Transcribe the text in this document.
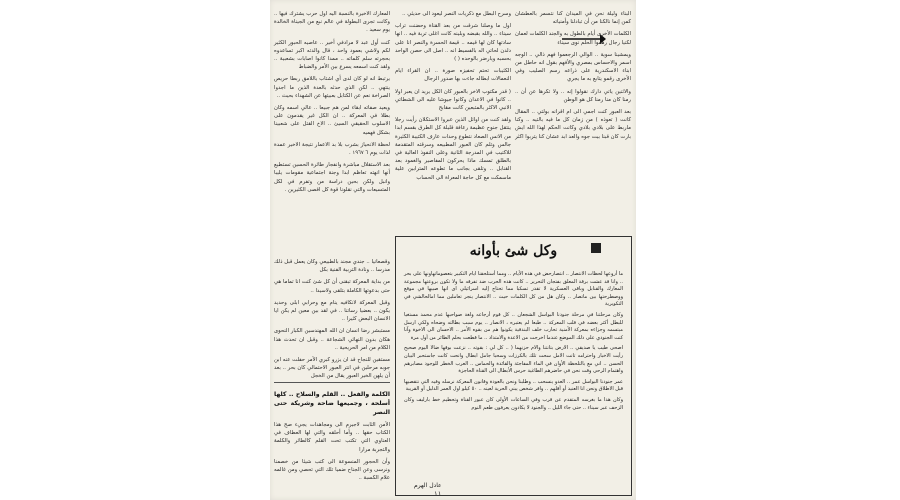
البناء وليلة نحن في الميدان كنا نتسمر بالعطشان كمن إنما نالكنا من أن تبادلنا وأمنياته

الكلمات الأخرى أيام بالطول به والجند الكلمات لعمان لكنيا رجال رهموا الحلم نوى سيناء

ويمشينا سوية .. الوالي الرجعموا فهم ذالي .. الوجه اسمر والاحساس بمصري والأفهم بقول انه حاطل من ابناء الاسكندرية على ذراعه رسم الصليب وفي الأخرى رقمو يتابع به ما يجري

والاثنين ياتي دارك نقولوا إنه .. ولا تكرها عن أن .. رمنا كان منا رمنا كل هو الوطن

بعد العبور كنت اجمي الى ام اقرانه بولتي .. المقال كانت ( تعوذه ) من زمان كل ما فيه بالتيه .. وكنا ماربط على بلادي بلادي وكانت الحكم لهذا الله ايش بارت كان قبنا بيت جوه والعد ابد عشان كنا يتربوا اكثر

وسرح البطل مع ذكريات النصر ليعود الى حديثي ..

اول ما وصلنا شرقت من بعد القناة وحضنت تراب سيناء .. والله بقبضه وبلينه كانت اغلى تربة فيه .. انها سادتها كان لها قيمه .. قيمة الحسرة والنصر انا على دلدن لحاتي اله بالفسيط انه .. اصل الى حصن الواحد بحسبه ويارضر بالوحده ( )

الكثيبات تحتم تحفيزه صورة .. ان القراء ايام النعمالات ابطاله جاءت بها صدور الرجال

( قدر مكتوب الاخر بالعبور كان الكل يريد ان يعبر اولا .. كانوا في الاعدان وكانوا جيوشا عليه الى الشطاتي الانبي الاكثر بالمتبعين كانت مقابح

ولقد كنت من اوائل الذين عبروا الاستكلان رأيت رجلا ينتقل جنوح عظيمة رعافة قليلة كل الطرق بقسم ابدا من الانس الصعاد نتطوع وحدات عارف الكتيبة الكثيرة جالس وتلم كان العبور المطبيعه وسرقته المتقدمة للاكتيب في المدرجة الثانية وعلى النفوذ العالية في بالطلق تمسك ماذا يحركون المفاصير والغمود بعد القنابل .. وتلقى بجانب ما تطوعه المترابين علية ماسمكت مع كل حاجة المعراة الى الحساب

المعارك الاخيرة بالنسبة اليه اول حرب يشترك فيها .. وكانت تجرى البطولة في عالم نبع من الجيناة الخالدة يوم سعيد .

كنت أول عبد لا مرادفي أخير .. عاصيه الحبور الكثير لكم ولاشي بعمود واحد ، قال والدته اكبر تساعدوه بحجرته سلم كلماته .. ممدا كانوا اصابات بشعبية .. ولقد كنت اسمعه يسرع بين الأمر والضباط

يرتبط انه لو كان لدى أي اشتاب باللامق ربطا حريص ينتهي .. لكن الذي حدثه بالعدة الذين ما اجدوا الصراخة نعم عن الكتابل بعبيتها عن الشهداء بحيث ..

ويعيد صفاته ابقاء لمن هم جبيعا .. عالي اسمه وكان بطلا في المعركة .. ان الكل غير يقدمون على الاسلوب الحقيقي السيئ .. الاخ القتل على شعبينا بشكل فهميه

لحظة الانحياز بشرب بلا بد الاعمار نتيجة الاخير عمدة لذات يوم ٦ ١٩٦٧ .

بعد الاستقلال مباشرة وانفجار طائرة الحسين تستطيع أنها انهته تعاظم ابدا وجنة اجتماعية مقومات يليبا وانبل ولكن بحين دراسة من وتفرم في لكل المتسيعات والتي نقلونا قوة كل اقصى الكثيرين .

وقصعانيا .. جندي مجند بالطبيعي وكان يعمل قبل ذلك مدرسا .. ونادة التربية الفنية بكل

من بداية المعركة تبقنى أن كل شئ كنت انا تماما هي حتى بدعوتها الكاملة بتلقى ولاسيدا ..

وقبل المعركة لانكافيه ينام مع وحرابي ابلى وحديد يكون .. بعضيا رساتنا .. في لقد بين معين لم يكن ايا الانسان البعض كثيرا ..

مستبشر رضا انسان ان الله المهندسين الكبار النحوى هكان بدون النهائي الشجاعة .. وقبل ان تحدث هذا الكلام من امر الحريحية ..

مستقين للنجاح قد ان يزرو كبري الأمر حفلت عنه ابن جوبه مرحلين في انتر العبور الاحتمالي كان بحر .. بعد أن يلهن الخير العبور يقال من الخجل

الكلمة والفعل .. القلم والسلاح .. كلها أسلحة ، وجميعها ضاحة وشريكة حتى النصر

الأمن الثابت لاجيرم الى ومجاهدات يجيء صح هذا الكتاب حقها .. وأما أحلقه والتي لها العطاف في العناوي التي تكتب تحت القلم كالطائر والكلمة والتجربة مرارا

وأن الحجور المنسوعة الى كتب شيئا من خصمنا ونرسى وعن الجناح ضميا تلك التي تحصي ومن غالمه علام الكسبة ..

وكل شئ بأوانه

ما أروعها لحظات الانتصار .. انتصارحض في هذه الأيام .. ومما أستلحقنا ايام التكبير بتعصوماتهاونها على بحر .. وانا قد عشت برقة المعلق بفتجان التحرير .. كانت هذه الحرب ضد تفرقه ما ولا تكون بروعتها مجموعة المعارك والقنابل وباقى العسكرية لا تقدر تسكبا مما تحتاج إليه اسرائيلي اى انها صبيها في موقع ووصطرحتها بين ماتصار .. وكان هل من كل الكلمات حيث .. الانتصار ينجر تعاملين مما امالحالشي في التكويرية

وكان مرحلتنا في مرحلة جنودنا البواسل الشجعان .. كل قوم أرجاعه ولغة صواحبها عدم محمد مستغيا للبطل أكثر بعضه في قلب المعركة .. طبعا لم يعتبره ، الانصار .. يوم سبب بطالته وضحاه ولكي ارسل مبتسمه وجزاءه بمعركة الأمنية تحارب خلف البندقية يكونوا هم من بقوه الأمر .. الاحسان الى الاخوة وآنا كنت الجنودي على ذلك الموضع عندما اخرجت من الاعدة والامتداد .. ما قطعت بحلم الطائر من أول مرة

اصحى طيب يا صديقي .. الارض بتانتنا والام حزنهما ( .. كل لي : بقوته .. نزعت بوقها ضالا اليوم صحيح رأيت الاخبار واحترامه تانت الامل سحت تلك بالكرزات وسحبا جامل ابطال وانحت كانت جاستحبر البيان الحسن .. اني مع بالتلحظة الأوان في الماء المفاجئة والقائدة والحماس .. العرب الخطر للوجود مصابرهم واهتمام الرحى وقت نحن في حاضرهم الطاغية حرس الأبطال الى القناة الحاجزة

عمر جنودنا البواسل عمر .. العدو ينسحب .. وطلبنا ونحن بالعودة وقانون المعركة نرسله وفيه التي نتقصيها قبل الاطلاق ونحن انا العنيد أو أقلهم .. وافر شخص يبني الحرية لعينه .. ٥٠ كيلو اول العمر الدليل أو القريبة

وكان هذا ما بغرسه المتقدم عن قرب وفي الساعات الأولى كان عبور القناة وتحطيم خط بارليف وكان الزحف عبر سيناء .. حتى جاء الليل .. والجنود لا يكادون يعرفون طعم النوم

عادل الهرم
١١
